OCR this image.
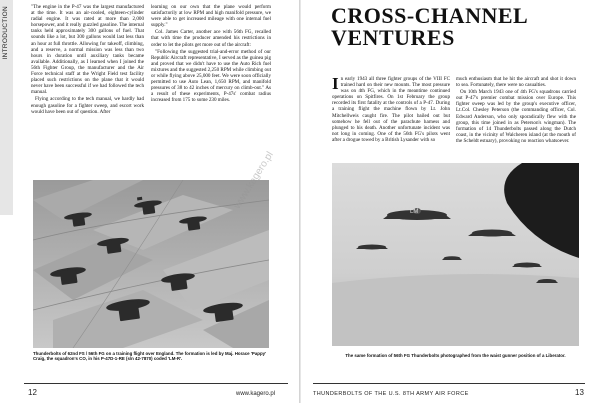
INTRODUCTION	"The engine in the P-47 was the largest manufactured at the time. It was an air-cooled, eighteen-cylinder radial engine. It was rated at more than 2,000 horsepower, and it really guzzled gasoline. The internal tanks held approximately 300 gallons of fuel. That sounds like a lot, but 300 gallons would last less than an hour at full throttle. Allowing for takeoff, climbing, and a reserve, a normal mission was less than two hours in duration until auxiliary tanks became available. Additionally, as I learned when I joined the 56th Fighter Group, the manufacturer and the Air Force technical staff at the Wright Field test facility placed such restrictions on the plane that it would never have been successful if we had followed the tech manual.

Flying according to the tech manual, we hardly had enough gasoline for a fighter sweep, and escort work would have been out of question. After

learning on our own that the plane would perform satisfactorily at low RPM and high manifold pressure, we were able to get increased mileage with one internal fuel supply."

Col. James Carter, another ace with 56th FG, recalled that with time the producer amended his restrictions in order to let the pilots get more out of the aircraft:

"Following the suggested trial-and-error method of our Republic Aircraft representative, I served as the guinea pig and proved that we didn't have to use the Auto Rich fuel mixtures and the suggested 2,250 RPM while climbing out or while flying above 25,000 feet. We were soon officially permitted to use Auto Lean, 1,650 RPM, and manifold pressures of 38 to 42 inches of mercury on climb-out." As a result of these experiments, P-47s' combat radius increased from 175 to some 230 miles.

Thunderbolts of 62nd FS / 56th FG on a training flight over England. The formation is led by Maj. Horace 'Pappy' Craig, the squadron's CO, in his P-47D-1-RE (s/n 42-7870) coded 'LM-R'.
12	www.kagero.pl
www.kagero.pl
CROSS-CHANNEL VENTURES

In early 1943 all three fighter groups of the VIII FC trained hard on their new mounts. The most pressure was on 4th FG, which in the meantime continued operations on Spitfires. On 1st February the group recorded its first fatality at the controls of a P-47. During a training flight the machine flown by Lt. John Mitchellweis caught fire. The pilot bailed out but somehow he fell out of the parachute harness and plunged to his death. Another unfortunate incident was not long in coming. One of the 56th FG's pilots went after a drogue towed by a British Lysander with so

much enthusiasm that he hit the aircraft and shot it down to sea. Fortunately, there were no casualties.

On 10th March 1943 one of 4th FG's squadrons carried out P-47's premier combat mission over Europe. This fighter sweep was led by the group's executive officer, Lt.Col. Chesley Peterson (the commanding officer, Col. Edward Anderson, who only sporadically flew with the group, this time joined in as Peterson's wingman). The formation of 14 Thunderbolts passed along the Dutch coast, in the vicinity of Walcheren island (at the mouth of the Scheldt estuary), provoking no reaction whatsoever.

LM
The same formation of 56th FG Thunderbolts photographed from the waist gunner position of a Liberator.
THUNDERBOLTS OF THE U.S. 8TH ARMY AIR FORCE	13
